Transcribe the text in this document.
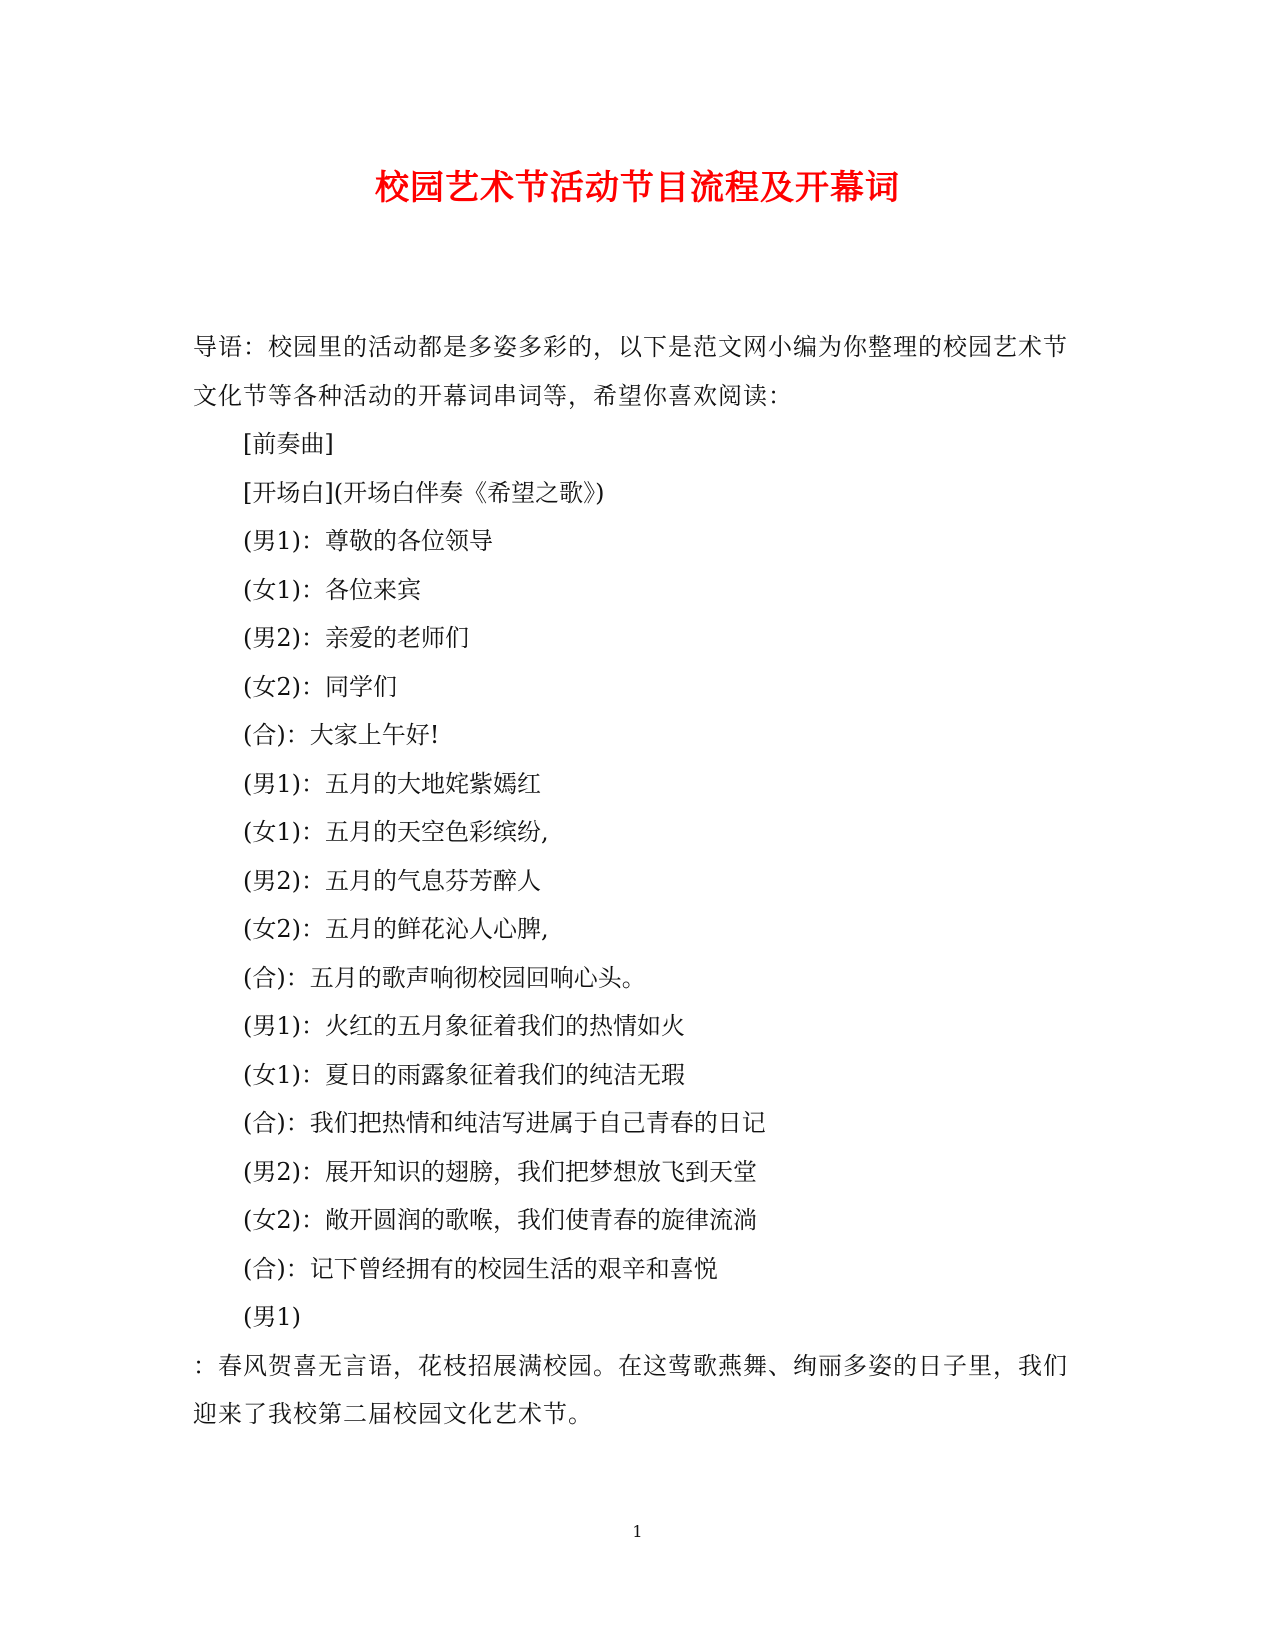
校园艺术节活动节目流程及开幕词

导语：校园里的活动都是多姿多彩的，以下是范文网小编为你整理的校园艺术节文化节等各种活动的开幕词串词等，希望你喜欢阅读：

[前奏曲]
[开场白](开场白伴奏《希望之歌》)
(男1)：尊敬的各位领导
(女1)：各位来宾
(男2)：亲爱的老师们
(女2)：同学们
(合)：大家上午好!
(男1)：五月的大地姹紫嫣红
(女1)：五月的天空色彩缤纷,
(男2)：五月的气息芬芳醉人
(女2)：五月的鲜花沁人心脾,
(合)：五月的歌声响彻校园回响心头。
(男1)：火红的五月象征着我们的热情如火
(女1)：夏日的雨露象征着我们的纯洁无瑕
(合)：我们把热情和纯洁写进属于自己青春的日记
(男2)：展开知识的翅膀，我们把梦想放飞到天堂
(女2)：敞开圆润的歌喉，我们使青春的旋律流淌
(合)：记下曾经拥有的校园生活的艰辛和喜悦
(男1)

：春风贺喜无言语，花枝招展满校园。在这莺歌燕舞、绚丽多姿的日子里，我们迎来了我校第二届校园文化艺术节。

1
